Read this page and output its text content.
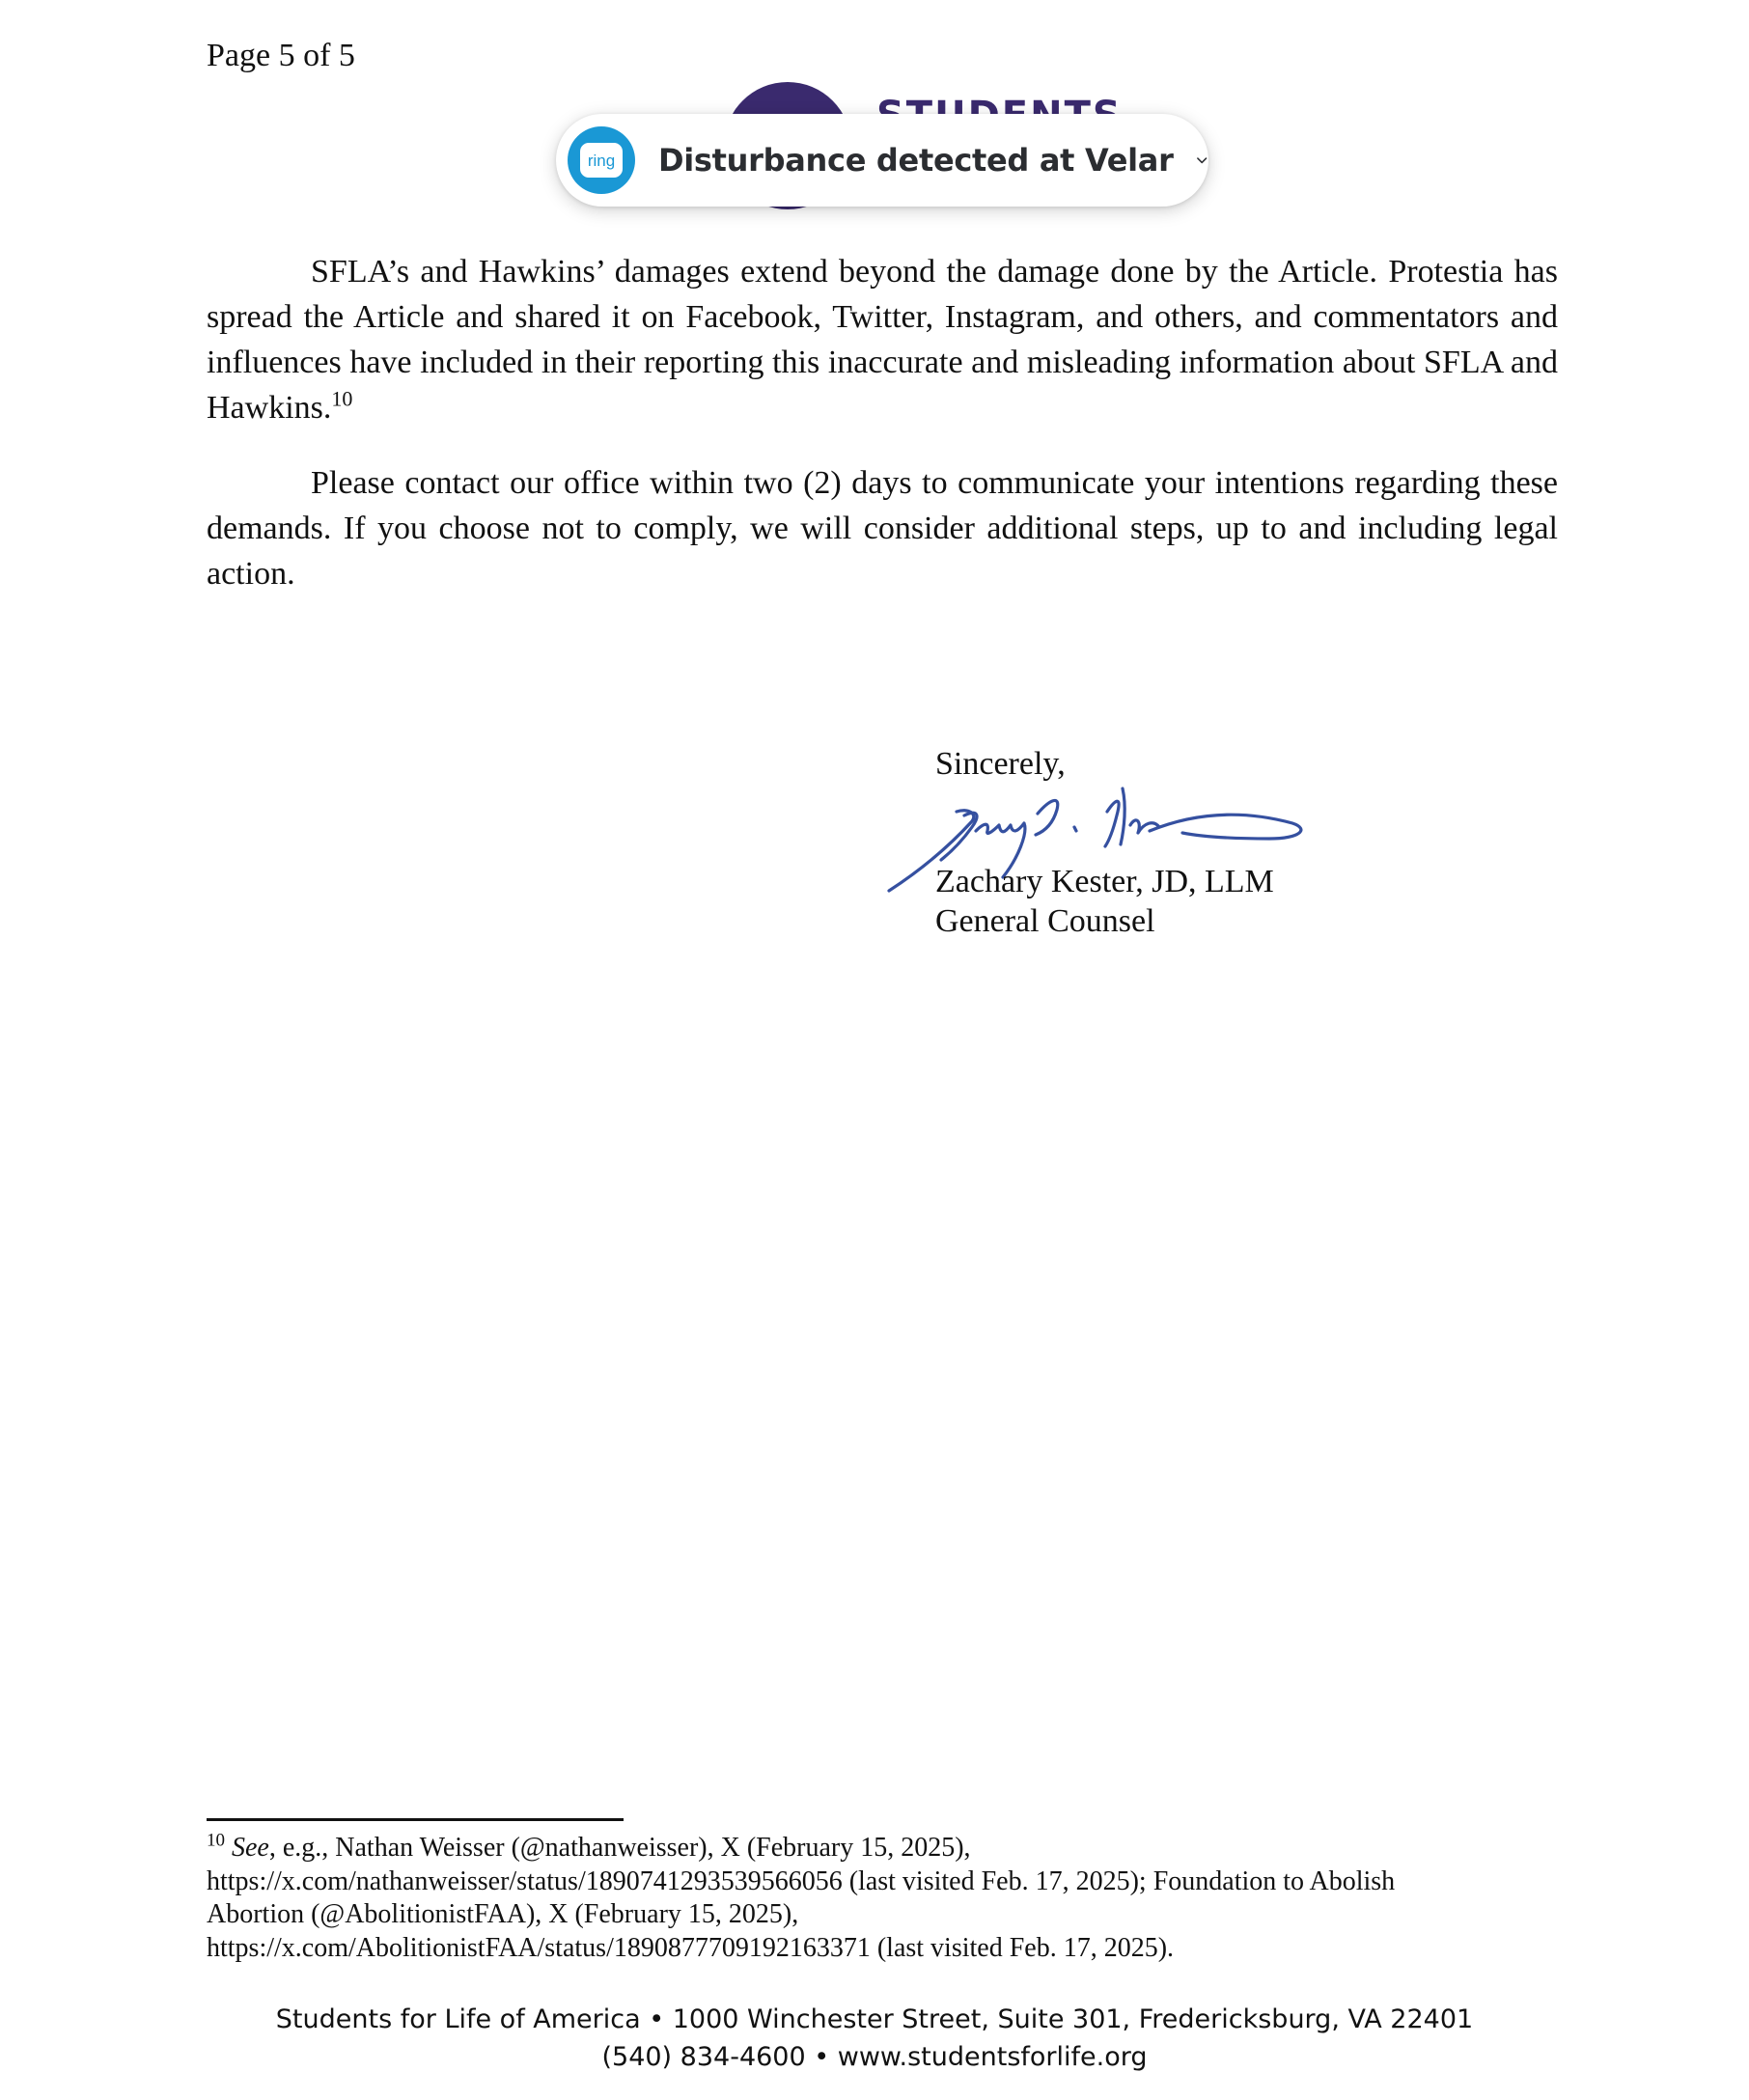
Page 5 of 5
ring Disturbance detected at Velar

SFLA’s and Hawkins’ damages extend beyond the damage done by the Article. Protestia has spread the Article and shared it on Facebook, Twitter, Instagram, and others, and commentators and influences have included in their reporting this inaccurate and misleading information about SFLA and Hawkins.$^{10}$

Please contact our office within two (2) days to communicate your intentions regarding these demands. If you choose not to comply, we will consider additional steps, up to and including legal action.

Sincerely,
Zachary Kester, JD, LLM
General Counsel
$^{10}$ See, e.g., Nathan Weisser (@nathanweisser), X (February 15, 2025),
https://x.com/nathanweisser/status/1890741293539566056 (last visited Feb. 17, 2025); Foundation to Abolish
Abortion (@AbolitionistFAA), X (February 15, 2025),
https://x.com/AbolitionistFAA/status/1890877709192163371 (last visited Feb. 17, 2025).
Students for Life of America • 1000 Winchester Street, Suite 301, Fredericksburg, VA 22401
(540) 834-4600 • www.studentsforlife.org
